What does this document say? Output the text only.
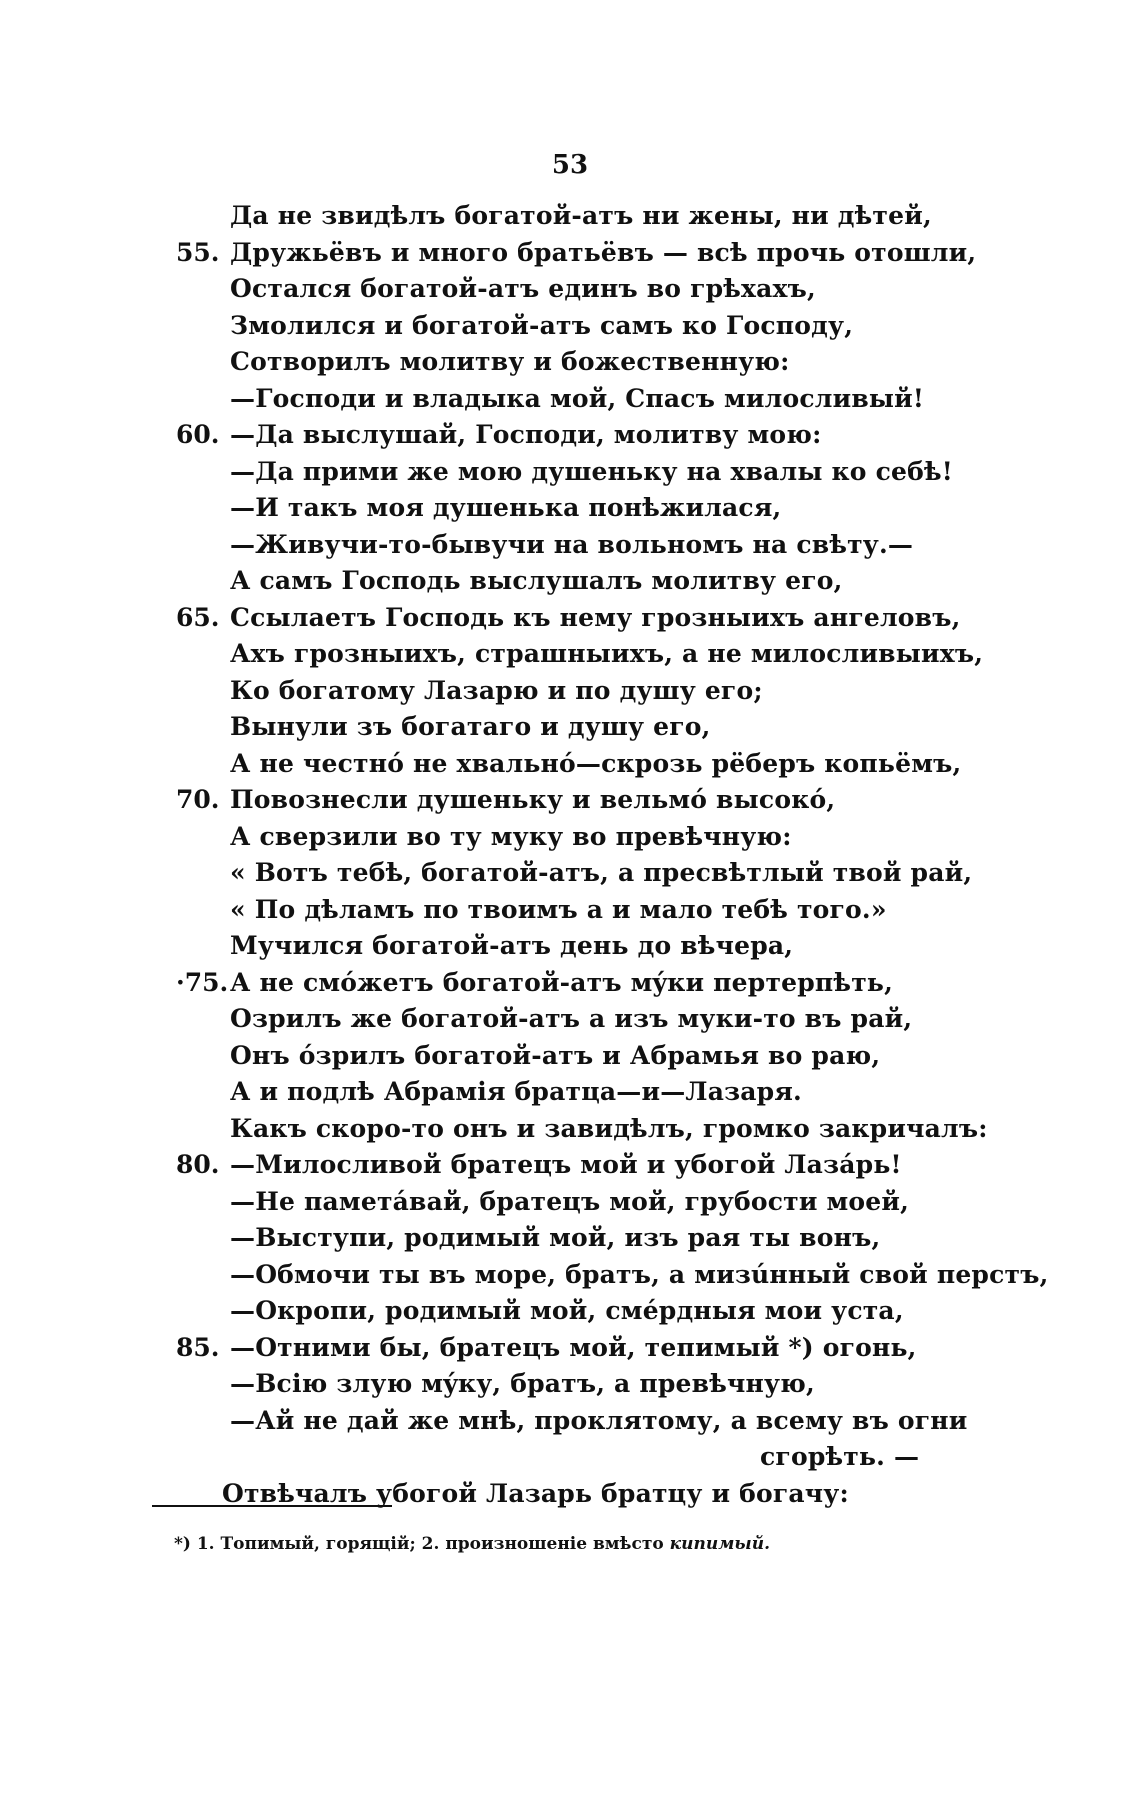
53
Да не звидѣлъ богатой-атъ ни жены, ни дѣтей,
55. Дружьёвъ и много братьёвъ — всѣ прочь отошли,
Остался богатой-атъ единъ во грѣхахъ,
Змолился и богатой-атъ самъ ко Господу,
Сотворилъ молитву и божественную:
—Господи и владыка мой, Спасъ милосливый!
60. —Да выслушай, Господи, молитву мою:
—Да прими же мою душеньку на хвалы ко себѣ!
—И такъ моя душенька понѣжилася,
—Живучи-то-бывучи на вольномъ на свѣту.—
А самъ Господь выслушалъ молитву его,
65. Ссылаетъ Господь къ нему грозныихъ ангеловъ,
Ахъ грозныихъ, страшныихъ, а не милосливыихъ,
Ко богатому Лазарю и по душу его;
Вынули зъ богатаго и душу его,
А не честнó не хвальнó—скрозь рёберъ копьёмъ,
70. Повознесли душеньку и вельмó высокó,
А сверзили во ту муку во превѣчную:
« Вотъ тебѣ, богатой-атъ, а пресвѣтлый твой рай,
« По дѣламъ по твоимъ а и мало тебѣ того.»
Мучился богатой-атъ день до вѣчера,
·75. А не смóжетъ богатой-атъ мýки пертерпѣть,
Озрилъ же богатой-атъ а изъ муки-то въ рай,
Онъ óзрилъ богатой-атъ и Абрамья во раю,
А и подлѣ Абрамія братца—и—Лазаря.
Какъ скоро-то онъ и завидѣлъ, громко закричалъ:
80. —Милосливой братецъ мой и убогой Лазáрь!
—Не паметáвай, братецъ мой, грубости моей,
—Выступи, родимый мой, изъ рая ты вонъ,
—Обмочи ты въ море, братъ, а мизúнный свой перстъ,
—Окропи, родимый мой, смéрдныя мои уста,
85. —Отними бы, братецъ мой, тепимый *) огонь,
—Всію злую мýку, братъ, а превѣчную,
—Ай не дай же мнѣ, проклятому, а всему въ огни
сгорѣть. —
Отвѣчалъ убогой Лазарь братцу и богачу:
*) 1. Топимый, горящій; 2. произношеніе вмѣсто кипимый.
